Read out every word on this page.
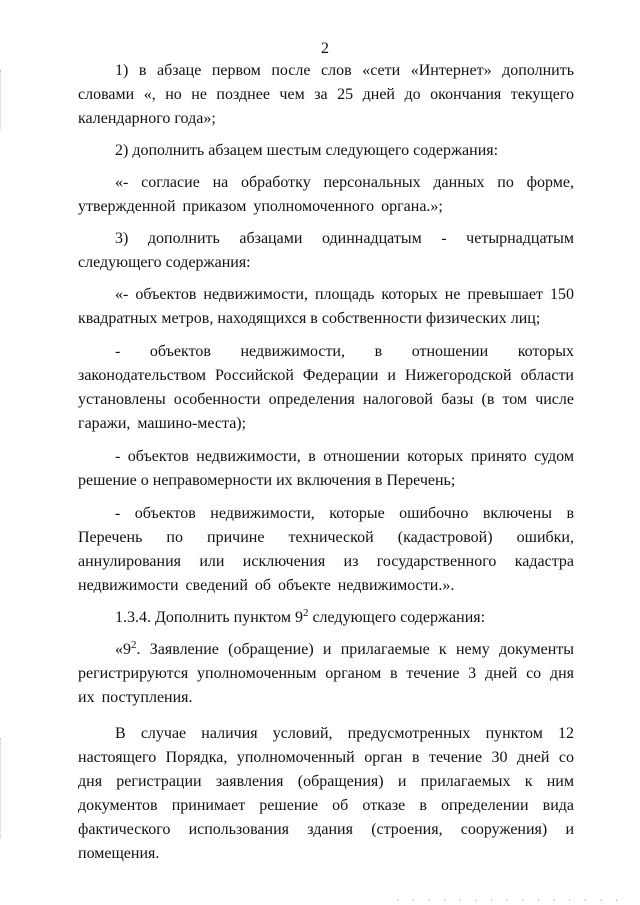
2

1) в абзаце первом после слов «сети «Интернет» дополнить словами «, но не позднее чем за 25 дней до окончания текущего календарного года»;

2) дополнить абзацем шестым следующего содержания:

«- согласие на обработку персональных данных по форме, утвержденной приказом уполномоченного органа.»;

3) дополнить абзацами одиннадцатым - четырнадцатым следующего содержания:

«- объектов недвижимости, площадь которых не превышает 150 квадратных метров, находящихся в собственности физических лиц;

- объектов недвижимости, в отношении которых законодательством Российской Федерации и Нижегородской области установлены особенности определения налоговой базы (в том числе гаражи, машино-места);

- объектов недвижимости, в отношении которых принято судом решение о неправомерности их включения в Перечень;

- объектов недвижимости, которые ошибочно включены в Перечень по причине технической (кадастровой) ошибки, аннулирования или исключения из государственного кадастра недвижимости сведений об объекте недвижимости.».

1.3.4. Дополнить пунктом $9^2$ следующего содержания:

«$9^2$. Заявление (обращение) и прилагаемые к нему документы регистрируются уполномоченным органом в течение 3 дней со дня их поступления.

В случае наличия условий, предусмотренных пунктом 12 настоящего Порядка, уполномоченный орган в течение 30 дней со дня регистрации заявления (обращения) и прилагаемых к ним документов принимает решение об отказе в определении вида фактического использования здания (строения, сооружения) и помещения.

. . . . . . . . . . . . . . .
